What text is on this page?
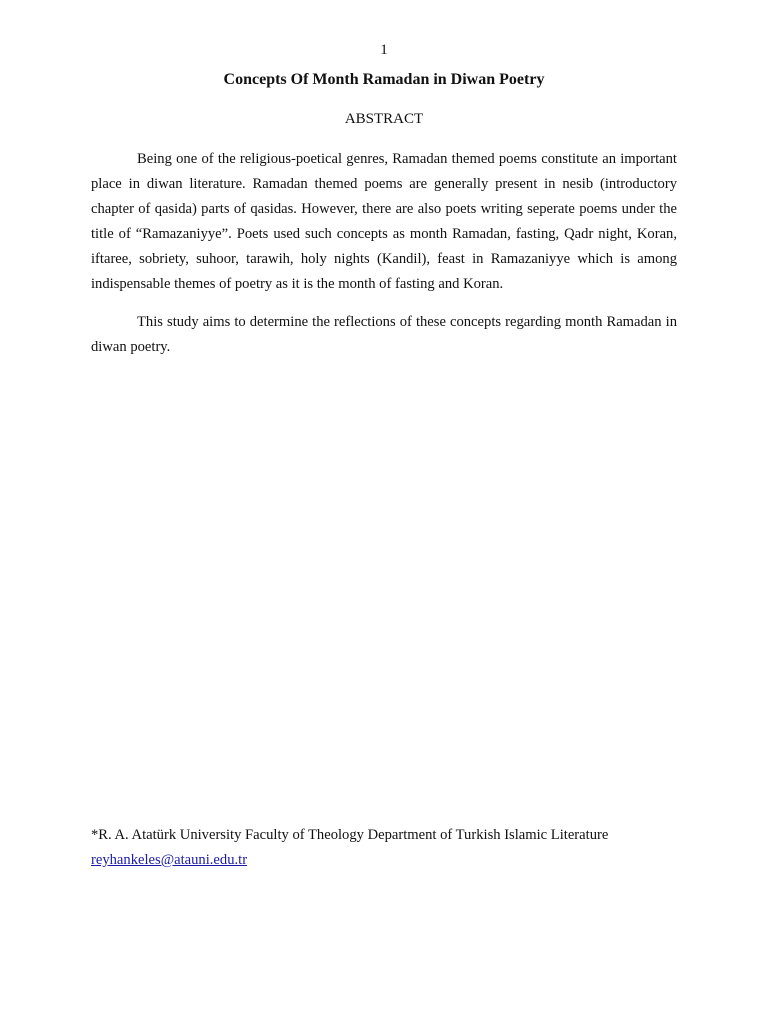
1
Concepts Of Month Ramadan in Diwan Poetry
ABSTRACT

Being one of the religious-poetical genres, Ramadan themed poems constitute an important place in diwan literature. Ramadan themed poems are generally present in nesib (introductory chapter of qasida) parts of qasidas. However, there are also poets writing seperate poems under the title of “Ramazaniyye”. Poets used such concepts as month Ramadan, fasting, Qadr night, Koran, iftaree, sobriety, suhoor, tarawih, holy nights (Kandil), feast in Ramazaniyye which is among indispensable themes of poetry as it is the month of fasting and Koran.

This study aims to determine the reflections of these concepts regarding month Ramadan in diwan poetry.

*R. A. Atatürk University Faculty of Theology Department of Turkish Islamic Literature
reyhankeles@atauni.edu.tr
